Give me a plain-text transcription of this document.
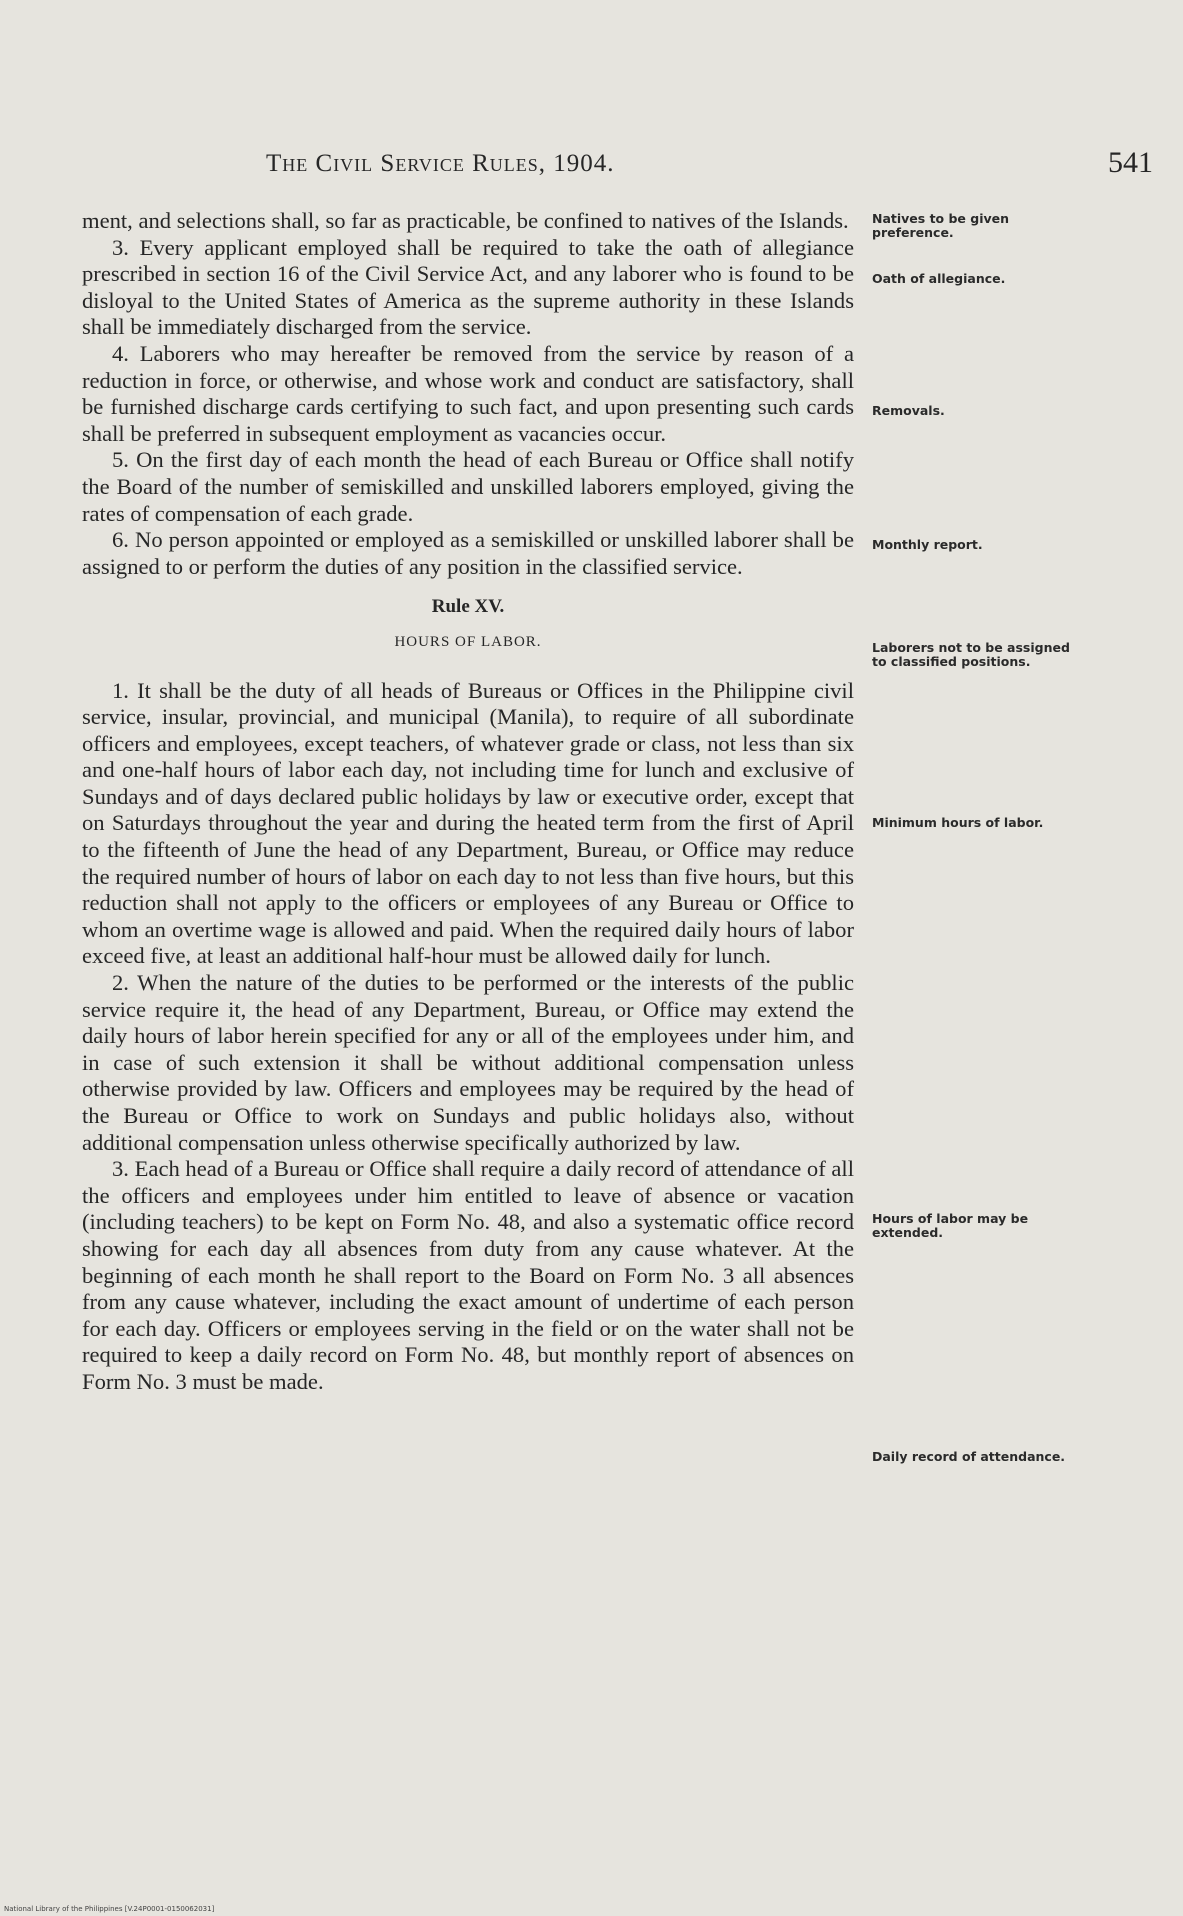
The Civil Service Rules, 1904.	541

ment, and selections shall, so far as practicable, be confined to natives of the Islands.

3. Every applicant employed shall be required to take the oath of allegiance prescribed in section 16 of the Civil Service Act, and any laborer who is found to be disloyal to the United States of America as the supreme authority in these Islands shall be immediately discharged from the service.

4. Laborers who may hereafter be removed from the service by reason of a reduction in force, or otherwise, and whose work and conduct are satisfactory, shall be furnished discharge cards certifying to such fact, and upon presenting such cards shall be preferred in subsequent employment as vacancies occur.

5. On the first day of each month the head of each Bureau or Office shall notify the Board of the number of semiskilled and unskilled laborers employed, giving the rates of compensation of each grade.

6. No person appointed or employed as a semiskilled or unskilled laborer shall be assigned to or perform the duties of any position in the classified service.

Rule XV.

HOURS OF LABOR.

1. It shall be the duty of all heads of Bureaus or Offices in the Philippine civil service, insular, provincial, and municipal (Manila), to require of all subordinate officers and employees, except teachers, of whatever grade or class, not less than six and one-half hours of labor each day, not including time for lunch and exclusive of Sundays and of days declared public holidays by law or executive order, except that on Saturdays throughout the year and during the heated term from the first of April to the fifteenth of June the head of any Department, Bureau, or Office may reduce the required number of hours of labor on each day to not less than five hours, but this reduction shall not apply to the officers or employees of any Bureau or Office to whom an overtime wage is allowed and paid. When the required daily hours of labor exceed five, at least an additional half-hour must be allowed daily for lunch.

2. When the nature of the duties to be performed or the interests of the public service require it, the head of any Department, Bureau, or Office may extend the daily hours of labor herein specified for any or all of the employees under him, and in case of such extension it shall be without additional compensation unless otherwise provided by law. Officers and employees may be required by the head of the Bureau or Office to work on Sundays and public holidays also, without additional compensation unless otherwise specifically authorized by law.

3. Each head of a Bureau or Office shall require a daily record of attendance of all the officers and employees under him entitled to leave of absence or vacation (including teachers) to be kept on Form No. 48, and also a systematic office record showing for each day all absences from duty from any cause whatever. At the beginning of each month he shall report to the Board on Form No. 3 all absences from any cause whatever, including the exact amount of undertime of each person for each day. Officers or employees serving in the field or on the water shall not be required to keep a daily record on Form No. 48, but monthly report of absences on Form No. 3 must be made.

Natives to be given preference.
Oath of allegiance.
Removals.
Monthly report.
Laborers not to be assigned to classified positions.
Minimum hours of labor.
Hours of labor may be extended.
Daily record of attendance.
National Library of the Philippines [V.24P0001-0150062031]
